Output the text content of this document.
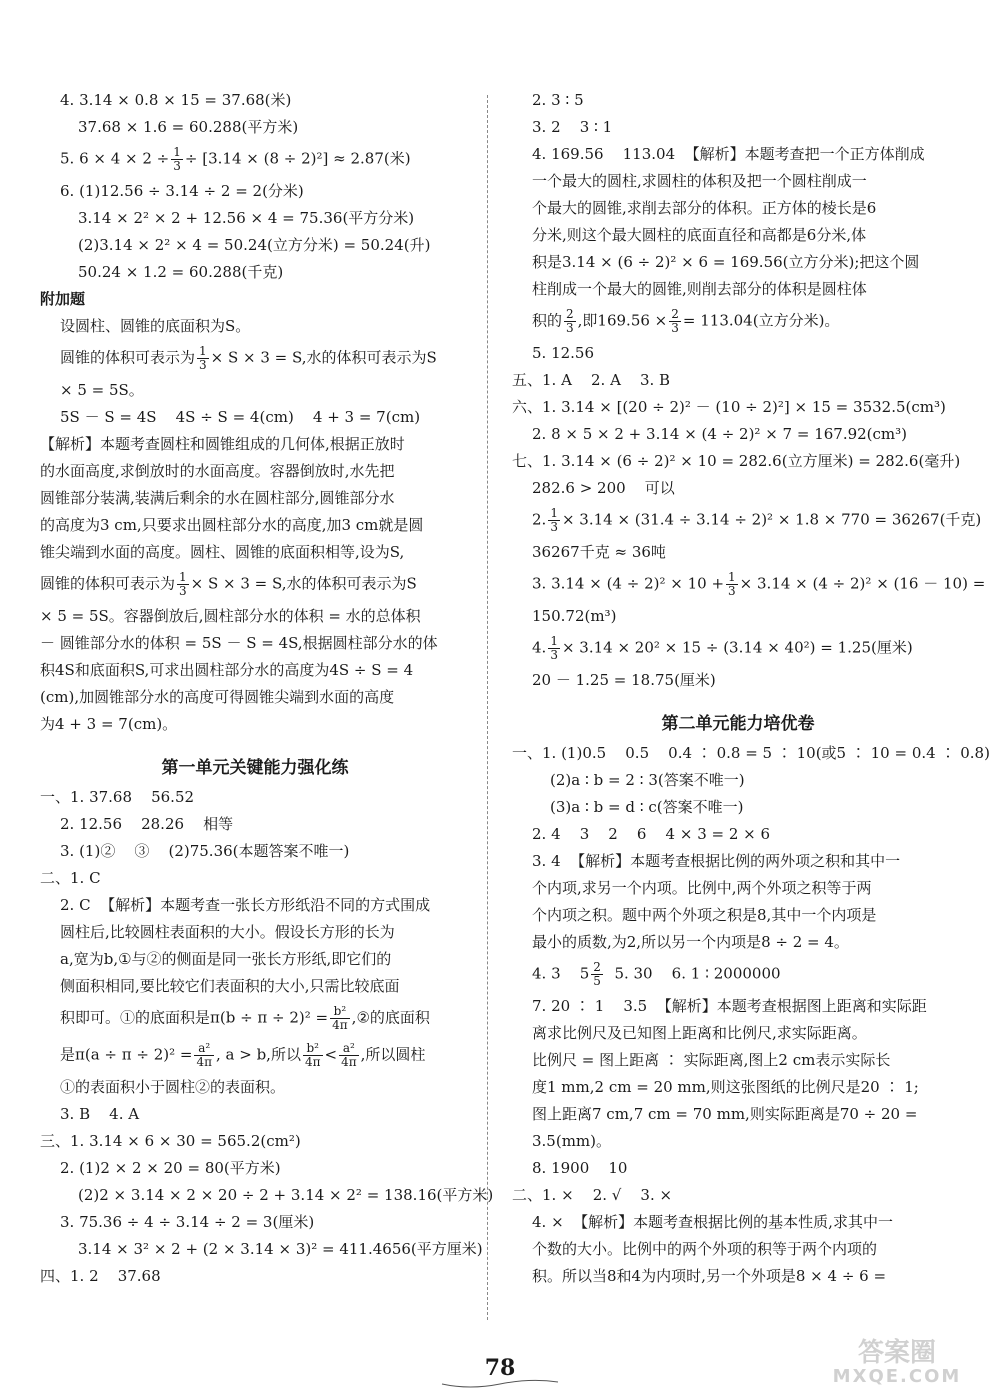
4. 3.14 × 0.8 × 15 = 37.68(米)

37.68 × 1.6 = 60.288(平方米)

5. $6 \times 4 \times 2 \div \frac{1}{3} \div [3.14 \times (8 \div 2)^2] \approx 2.87$(米)

6. (1)12.56 ÷ 3.14 ÷ 2 = 2(分米)

3.14 × 2² × 2 + 12.56 × 4 = 75.36(平方分米)

(2)3.14 × 2² × 4 = 50.24(立方分米) = 50.24(升)

50.24 × 1.2 = 60.288(千克)

附加题

设圆柱、圆锥的底面积为S。

圆锥的体积可表示为 $\frac{1}{3} \times S \times 3 = S$,水的体积可表示为S

× 5 = 5S。

5S － S = 4S    4S ÷ S = 4(cm)    4 + 3 = 7(cm)

【解析】本题考查圆柱和圆锥组成的几何体,根据正放时

的水面高度,求倒放时的水面高度。容器倒放时,水先把

圆锥部分装满,装满后剩余的水在圆柱部分,圆锥部分水

的高度为3 cm,只要求出圆柱部分水的高度,加3 cm就是圆

锥尖端到水面的高度。圆柱、圆锥的底面积相等,设为S,

圆锥的体积可表示为 $\frac{1}{3} \times S \times 3 = S$,水的体积可表示为S

× 5 = 5S。容器倒放后,圆柱部分水的体积 = 水的总体积

－ 圆锥部分水的体积 = 5S － S = 4S,根据圆柱部分水的体

积4S和底面积S,可求出圆柱部分水的高度为4S ÷ S = 4

(cm),加圆锥部分水的高度可得圆锥尖端到水面的高度

为4 + 3 = 7(cm)。

第一单元关键能力强化练

一、1. 37.68    56.52

2. 12.56    28.26    相等

3. (1)②    ③    (2)75.36(本题答案不唯一)

二、1. C

2. C  【解析】本题考查一张长方形纸沿不同的方式围成

圆柱后,比较圆柱表面积的大小。假设长方形的长为

a,宽为b,①与②的侧面是同一张长方形纸,即它们的

侧面积相同,要比较它们表面积的大小,只需比较底面

积即可。①的底面积是$\pi(b \div \pi \div 2)^2 = \frac{\text{b²}}{4\pi}$ ,②的底面积

是$\pi(a \div \pi \div 2)^2 = \frac{\text{a²}}{4\pi}$ , a > b,所以 $\frac{\text{b²}}{4\pi} < \frac{\text{a²}}{4\pi}$ ,所以圆柱

①的表面积小于圆柱②的表面积。

3. B    4. A

三、1. 3.14 × 6 × 30 = 565.2(cm²)

2. (1)2 × 2 × 20 = 80(平方米)

(2)2 × 3.14 × 2 × 20 ÷ 2 + 3.14 × 2² = 138.16(平方米)

3. 75.36 ÷ 4 ÷ 3.14 ÷ 2 = 3(厘米)

3.14 × 3² × 2 + (2 × 3.14 × 3)² = 411.4656(平方厘米)

四、1. 2    37.68

2. 3 ∶ 5

3. 2    3 ∶ 1

4. 169.56    113.04  【解析】本题考查把一个正方体削成

一个最大的圆柱,求圆柱的体积及把一个圆柱削成一

个最大的圆锥,求削去部分的体积。正方体的棱长是6

分米,则这个最大圆柱的底面直径和高都是6分米,体

积是3.14 × (6 ÷ 2)² × 6 = 169.56(立方分米);把这个圆

柱削成一个最大的圆锥,则削去部分的体积是圆柱体

积的 $\frac{2}{3}$ ,即$169.56 \times \frac{2}{3} = 113.04$(立方分米)。

5. 12.56

五、1. A    2. A    3. B

六、1. 3.14 × [(20 ÷ 2)² － (10 ÷ 2)²] × 15 = 3532.5(cm³)

2. 8 × 5 × 2 + 3.14 × (4 ÷ 2)² × 7 = 167.92(cm³)

七、1. 3.14 × (6 ÷ 2)² × 10 = 282.6(立方厘米) = 282.6(毫升)

282.6 > 200    可以

2. $\frac{1}{3} \times 3.14 \times (31.4 \div 3.14 \div 2)^2 \times 1.8 \times 770 = 36267$(千克)

36267千克 ≈ 36吨

3. $3.14 \times (4 \div 2)^2 \times 10 + \frac{1}{3} \times 3.14 \times (4 \div 2)^2 \times (16 - 10)$ =

150.72(m³)

4. $\frac{1}{3} \times 3.14 \times 20^2 \times 15 \div (3.14 \times 40^2) = 1.25$(厘米)

20 － 1.25 = 18.75(厘米)

第二单元能力培优卷

一、1. (1)0.5    0.5    0.4 ∶ 0.8 = 5 ∶ 10(或5 ∶ 10 = 0.4 ∶ 0.8)

(2)a ∶ b = 2 ∶ 3(答案不唯一)

(3)a ∶ b = d ∶ c(答案不唯一)

2. 4    3    2    6    4 × 3 = 2 × 6

3. 4  【解析】本题考查根据比例的两外项之积和其中一

个内项,求另一个内项。比例中,两个外项之积等于两

个内项之积。题中两个外项之积是8,其中一个内项是

最小的质数,为2,所以另一个内项是8 ÷ 2 = 4。

4. 3    $5 \frac{2}{5} 5$. 30    6. 1 ∶ 2000000

7. 20 ∶ 1    3.5  【解析】本题考查根据图上距离和实际距

离求比例尺及已知图上距离和比例尺,求实际距离。

比例尺 = 图上距离 ∶ 实际距离,图上2 cm表示实际长

度1 mm,2 cm = 20 mm,则这张图纸的比例尺是20 ∶ 1;

图上距离7 cm,7 cm = 70 mm,则实际距离是70 ÷ 20 =

3.5(mm)。

8. 1900    10

二、1. ×    2. √    3. ×

4. ×  【解析】本题考查根据比例的基本性质,求其中一

个数的大小。比例中的两个外项的积等于两个内项的

积。所以当8和4为内项时,另一个外项是8 × 4 ÷ 6 =

78	答案圈
MXQE.COM
